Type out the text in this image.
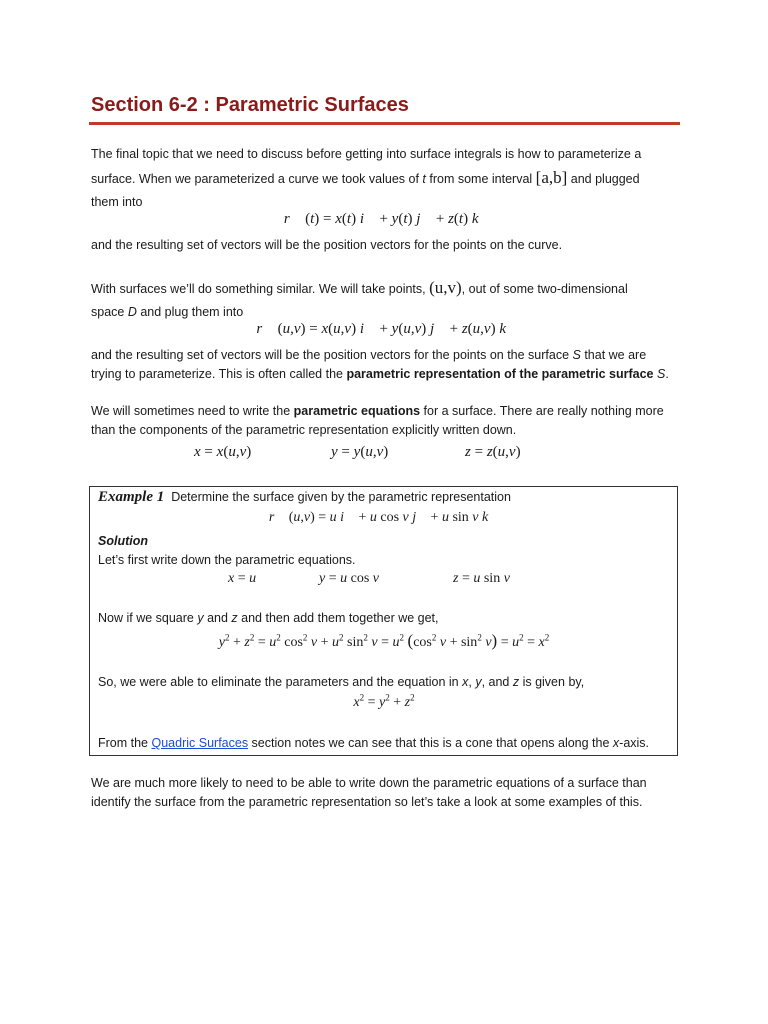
Section 6-2 : Parametric Surfaces

The final topic that we need to discuss before getting into surface integrals is how to parameterize a
surface. When we parameterized a curve we took values of t from some interval [a,b] and plugged
them into

r⃗ (t) = x(t) i⃗ + y(t) j⃗ + z(t) k⃗

and the resulting set of vectors will be the position vectors for the points on the curve.

With surfaces we’ll do something similar. We will take points, (u,v), out of some two-dimensional
space D and plug them into

r⃗ (u,v) = x(u,v) i⃗ + y(u,v) j⃗ + z(u,v) k⃗

and the resulting set of vectors will be the position vectors for the points on the surface S that we are
trying to parameterize. This is often called the parametric representation of the parametric surface S.

We will sometimes need to write the parametric equations for a surface. There are really nothing more
than the components of the parametric representation explicitly written down.

x = x(u,v)	y = y(u,v)	z = z(u,v)

Example 1 Determine the surface given by the parametric representation

r⃗ (u,v) = u i⃗ + u cos v j⃗ + u sin v k⃗

Solution

Let’s first write down the parametric equations.

x = u	y = u cos v	z = u sin v

Now if we square y and z and then add them together we get,

$y^2 + z^2 = u^2$ $\cos^2 v + u^2$ $\sin^2 v = u^2$ ($\cos^2$ $v + \sin^2 v) = u^2 = x^2$

So, we were able to eliminate the parameters and the equation in x, y, and z is given by,

$x^2 = y^2 + z^2$

From the Quadric Surfaces section notes we can see that this is a cone that opens along the x-axis.

We are much more likely to need to be able to write down the parametric equations of a surface than
identify the surface from the parametric representation so let’s take a look at some examples of this.
